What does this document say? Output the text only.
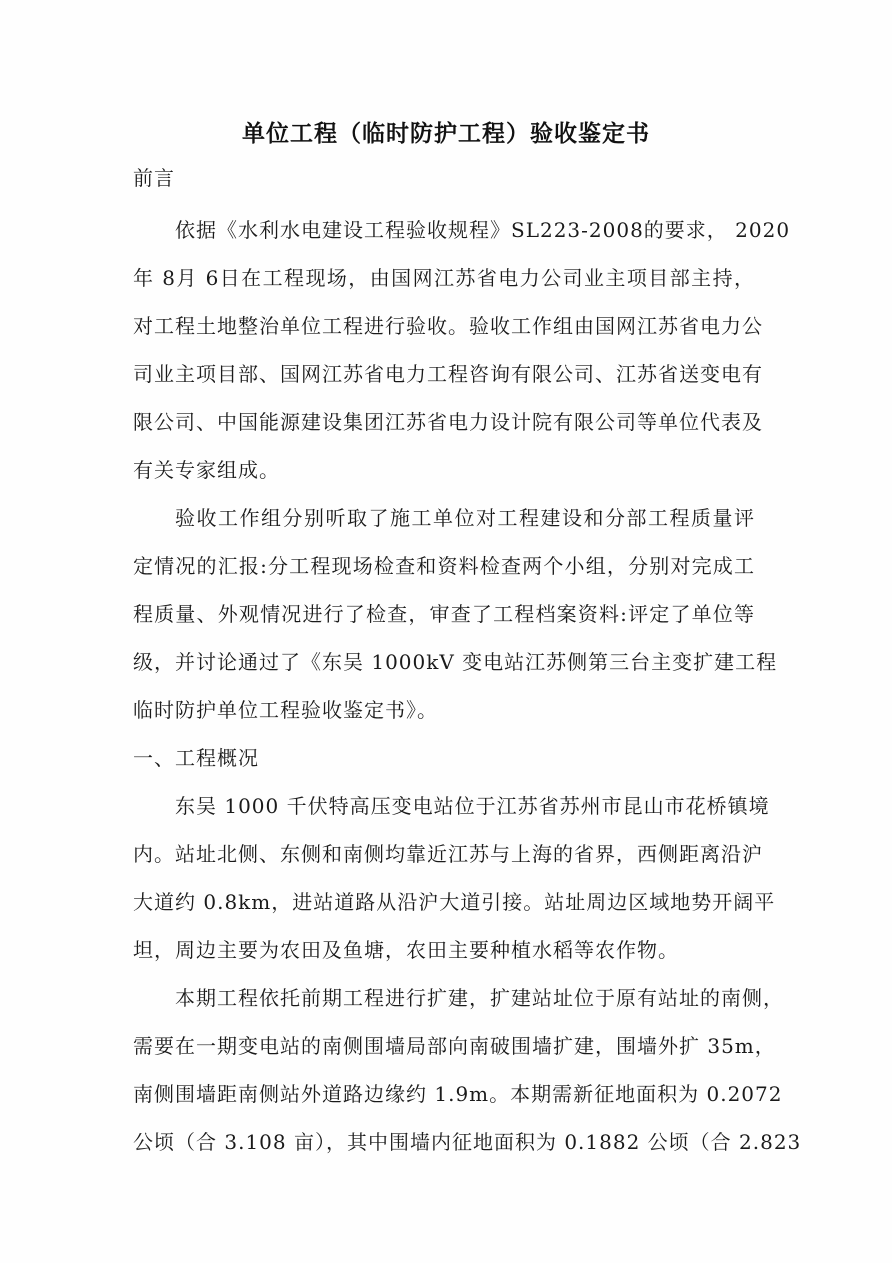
单位工程（临时防护工程）验收鉴定书
前言
依据《水利水电建设工程验收规程》SL223-2008的要求， 2020
年 8月 6日在工程现场，由国网江苏省电力公司业主项目部主持，
对工程土地整治单位工程进行验收。验收工作组由国网江苏省电力公
司业主项目部、国网江苏省电力工程咨询有限公司、江苏省送变电有
限公司、中国能源建设集团江苏省电力设计院有限公司等单位代表及
有关专家组成。
验收工作组分别听取了施工单位对工程建设和分部工程质量评
定情况的汇报:分工程现场检查和资料检查两个小组，分别对完成工
程质量、外观情况进行了检查，审查了工程档案资料:评定了单位等
级，并讨论通过了《东吴 1000kV 变电站江苏侧第三台主变扩建工程
临时防护单位工程验收鉴定书》。
一、工程概况
东吴 1000 千伏特高压变电站位于江苏省苏州市昆山市花桥镇境
内。站址北侧、东侧和南侧均靠近江苏与上海的省界，西侧距离沿沪
大道约 0.8km，进站道路从沿沪大道引接。站址周边区域地势开阔平
坦，周边主要为农田及鱼塘，农田主要种植水稻等农作物。
本期工程依托前期工程进行扩建，扩建站址位于原有站址的南侧，
需要在一期变电站的南侧围墙局部向南破围墙扩建，围墙外扩 35m，
南侧围墙距南侧站外道路边缘约 1.9m。本期需新征地面积为 0.2072
公顷（合 3.108 亩），其中围墙内征地面积为 0.1882 公顷（合 2.823
